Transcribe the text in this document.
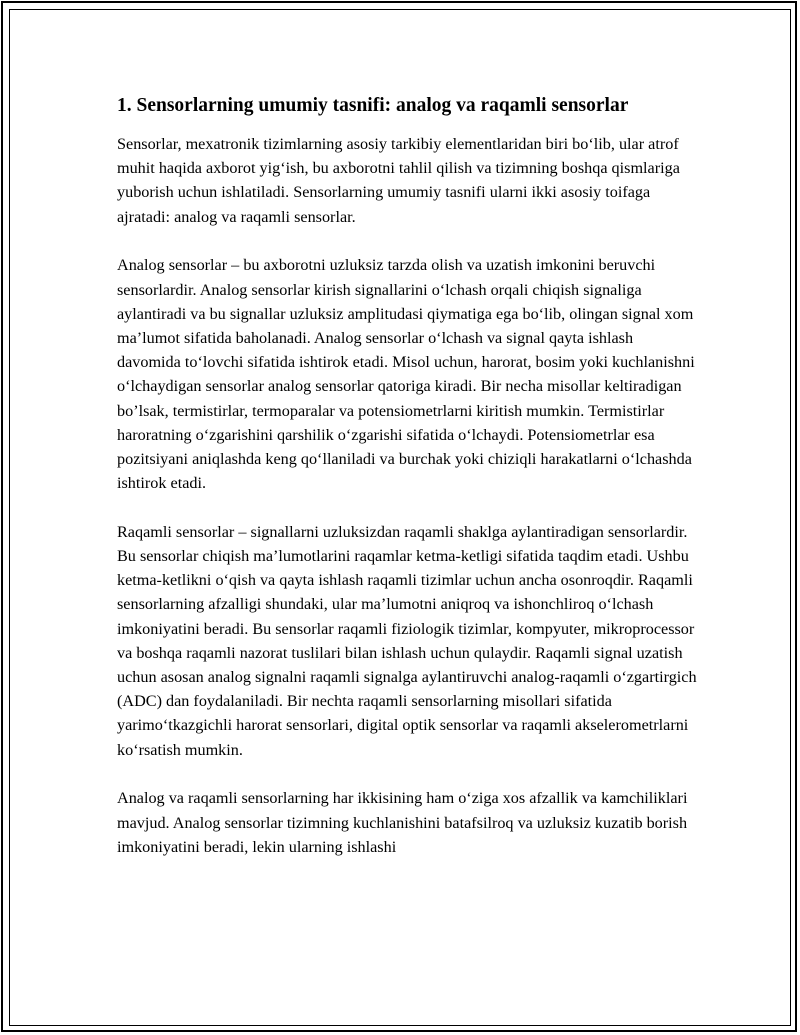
1. Sensorlarning umumiy tasnifi: analog va raqamli sensorlar

Sensorlar, mexatronik tizimlarning asosiy tarkibiy elementlaridan biri boʻlib, ular atrof muhit haqida axborot yigʻish, bu axborotni tahlil qilish va tizimning boshqa qismlariga yuborish uchun ishlatiladi. Sensorlarning umumiy tasnifi ularni ikki asosiy toifaga ajratadi: analog va raqamli sensorlar.

Analog sensorlar – bu axborotni uzluksiz tarzda olish va uzatish imkonini beruvchi sensorlardir. Analog sensorlar kirish signallarini oʻlchash orqali chiqish signaliga aylantiradi va bu signallar uzluksiz amplitudasi qiymatiga ega boʻlib, olingan signal xom maʼlumot sifatida baholanadi. Analog sensorlar oʻlchash va signal qayta ishlash davomida toʻlovchi sifatida ishtirok etadi. Misol uchun, harorat, bosim yoki kuchlanishni oʻlchaydigan sensorlar analog sensorlar qatoriga kiradi. Bir necha misollar keltiradigan boʼlsak, termistirlar, termoparalar va potensiometrlarni kiritish mumkin. Termistirlar haroratning oʻzgarishini qarshilik oʻzgarishi sifatida oʻlchaydi. Potensiometrlar esa pozitsiyani aniqlashda keng qoʻllaniladi va burchak yoki chiziqli harakatlarni oʻlchashda ishtirok etadi.

Raqamli sensorlar – signallarni uzluksizdan raqamli shaklga aylantiradigan sensorlardir. Bu sensorlar chiqish maʼlumotlarini raqamlar ketma-ketligi sifatida taqdim etadi. Ushbu ketma-ketlikni oʻqish va qayta ishlash raqamli tizimlar uchun ancha osonroqdir. Raqamli sensorlarning afzalligi shundaki, ular maʼlumotni aniqroq va ishonchliroq oʻlchash imkoniyatini beradi. Bu sensorlar raqamli fiziologik tizimlar, kompyuter, mikroprocessor va boshqa raqamli nazorat tuslilari bilan ishlash uchun qulaydir. Raqamli signal uzatish uchun asosan analog signalni raqamli signalga aylantiruvchi analog-raqamli oʻzgartirgich (ADC) dan foydalaniladi. Bir nechta raqamli sensorlarning misollari sifatida yarimoʻtkazgichli harorat sensorlari, digital optik sensorlar va raqamli akselerometrlarni koʻrsatish mumkin.

Analog va raqamli sensorlarning har ikkisining ham oʻziga xos afzallik va kamchiliklari mavjud. Analog sensorlar tizimning kuchlanishini batafsilroq va uzluksiz kuzatib borish imkoniyatini beradi, lekin ularning ishlashi
